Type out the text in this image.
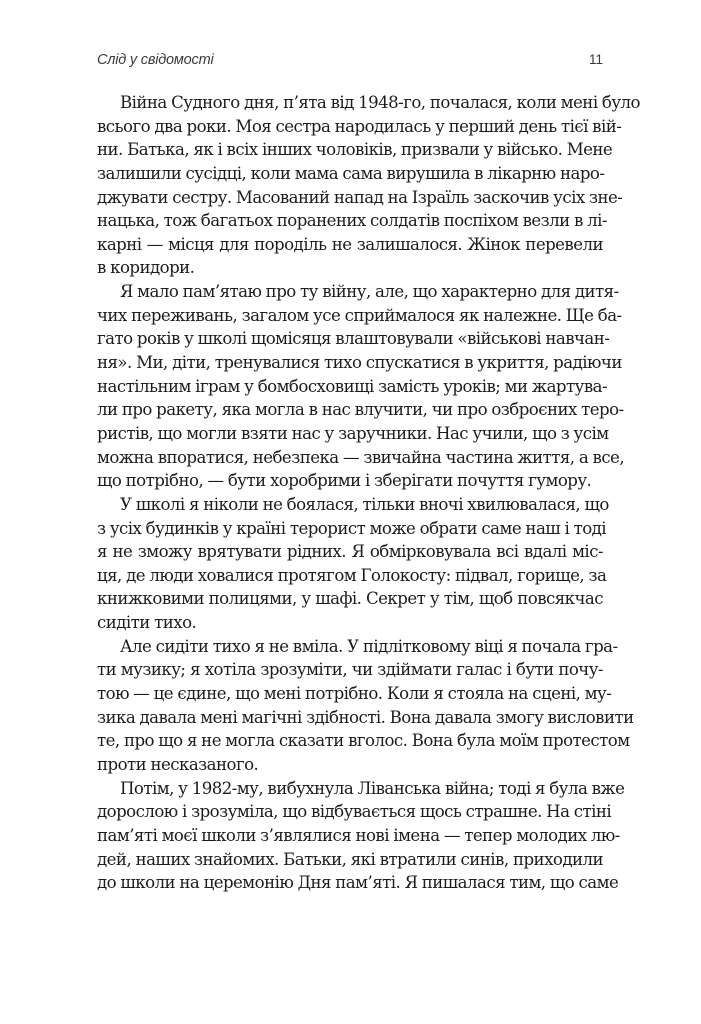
Слід у свідомості	11
Війна Судного дня, п’ята від 1948-го, почалася, коли мені було
всього два роки. Моя сестра народилась у перший день тієї вій-
ни. Батька, як і всіх інших чоловіків, призвали у військо. Мене
залишили сусідці, коли мама сама вирушила в лікарню наро-
джувати сестру. Масований напад на Ізраїль заскочив усіх зне-
нацька, тож багатьох поранених солдатів поспіхом везли в лі-
карні — місця для породіль не залишалося. Жінок перевели
в коридори.
Я мало пам’ятаю про ту війну, але, що характерно для дитя-
чих переживань, загалом усе сприймалося як належне. Ще ба-
гато років у школі щомісяця влаштовували «військові навчан-
ня». Ми, діти, тренувалися тихо спускатися в укриття, радіючи
настільним іграм у бомбосховищі замість уроків; ми жартува-
ли про ракету, яка могла в нас влучити, чи про озброєних теро-
ристів, що могли взяти нас у заручники. Нас учили, що з усім
можна впоратися, небезпека — звичайна частина життя, а все,
що потрібно, — бути хоробрими і зберігати почуття гумору.
У школі я ніколи не боялася, тільки вночі хвилювалася, що
з усіх будинків у країні терорист може обрати саме наш і тоді
я не зможу врятувати рідних. Я обмірковувала всі вдалі міс-
ця, де люди ховалися протягом Голокосту: підвал, горище, за
книжковими полицями, у шафі. Секрет у тім, щоб повсякчас
сидіти тихо.
Але сидіти тихо я не вміла. У підлітковому віці я почала гра-
ти музику; я хотіла зрозуміти, чи здіймати галас і бути почу-
тою — це єдине, що мені потрібно. Коли я стояла на сцені, му-
зика давала мені магічні здібності. Вона давала змогу висловити
те, про що я не могла сказати вголос. Вона була моїм протестом
проти несказаного.
Потім, у 1982-му, вибухнула Ліванська війна; тоді я була вже
дорослою і зрозуміла, що відбувається щось страшне. На стіні
пам’яті моєї школи з’являлися нові імена — тепер молодих лю-
дей, наших знайомих. Батьки, які втратили синів, приходили
до школи на церемонію Дня пам’яті. Я пишалася тим, що саме
